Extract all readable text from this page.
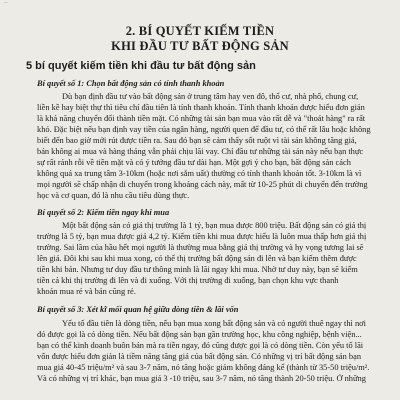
...
2. BÍ QUYẾT KIẾM TIỀN
KHI ĐẦU TƯ BẤT ĐỘNG SẢN
5 bí quyết kiếm tiền khi đầu tư bất động sản
Bí quyết số 1: Chọn bất động sản có tính thanh khoản
Dù bạn định đầu tư vào bất động sản ở trung tâm hay ven đô, thổ cư, nhà phố, chung cư,
liền kề hay biệt thự thì tiêu chí đầu tiên là tính thanh khoản. Tính thanh khoản được hiểu đơn giản
là khả năng chuyển đổi thành tiền mặt. Có những tài sản bạn mua vào rất dễ và "thoát hàng" ra rất
khó. Đặc biệt nếu bạn định vay tiền của ngân hàng, người quen để đầu tư, có thể rất lâu hoặc không
biết đến bao giờ mới rút được tiền ra. Sau đó bạn sẽ cảm thấy sốt ruột vì tài sản không tăng giá,
bán không ai mua và hàng tháng vẫn phải chịu lãi vay. Chỉ đầu tư những tài sản này nếu bạn thực
sự rất rảnh rỗi về tiền mặt và có ý tưởng đầu tư dài hạn. Một gợi ý cho bạn, bất động sản cách
không quá xa trung tâm 3-10km (hoặc nơi sắm uất) thường có tính thanh khoản tốt. 3-10km là vì
mọi người sẽ chấp nhận di chuyển trong khoảng cách này, mất từ 10-25 phút di chuyển đến trường
học và cơ quan, đó là nhu cầu tiêu dùng thực.
Bí quyết số 2: Kiếm tiền ngay khi mua
Một bất động sản có giá thị trường là 1 tỷ, bạn mua được 800 triệu. Bất động sản có giá thị
trường là 5 tỷ, bạn mua được giá 4,2 tỷ. Kiếm tiền khi mua được hiểu là luôn mua thấp hơn giá thị
trường. Sai lầm của hầu hết mọi người là thường mua bằng giá thị trường và hy vọng tương lai sẽ
lên giá. Đôi khi sau khi mua xong, có thể thị trường bất động sản đi lên và bạn kiếm thêm được
tiền khi bán. Nhưng tư duy đầu tư thông minh là lãi ngay khi mua. Nhờ tư duy này, bạn sẽ kiếm
tiền cả khi thị trường đi lên và đi xuống. Với thị trường đi xuống, bạn chọn khu vực thanh
khoản mua rẻ và bán cũng rẻ.
Bí quyết số 3: Xét kĩ mối quan hệ giữa dòng tiền & lãi vốn
Yếu tố đầu tiên là dòng tiền, nếu bạn mua xong bất động sản và có người thuê ngay thì nơi
đó được gọi là có dòng tiền. Nếu bất động sản bạn gần trường học, khu công nghiệp, bệnh viện...
bạn có thể kinh doanh buôn bán mà ra tiền ngay, đó cũng được gọi là có dòng tiền. Còn yếu tố lãi
vốn được hiểu đơn giản là tiềm năng tăng giá của bất động sản. Có những vị trí bất động sản bạn
mua giá 40-45 triệu/m² và sau 3-7 năm, nó tăng hoặc giảm không đáng kể (thành từ 35-50 triệu/m².
Và có những vị trí khác, bạn mua giá 3 -10 triệu, sau 3-7 năm, nó tăng thành 20-50 triệu. Ở những
